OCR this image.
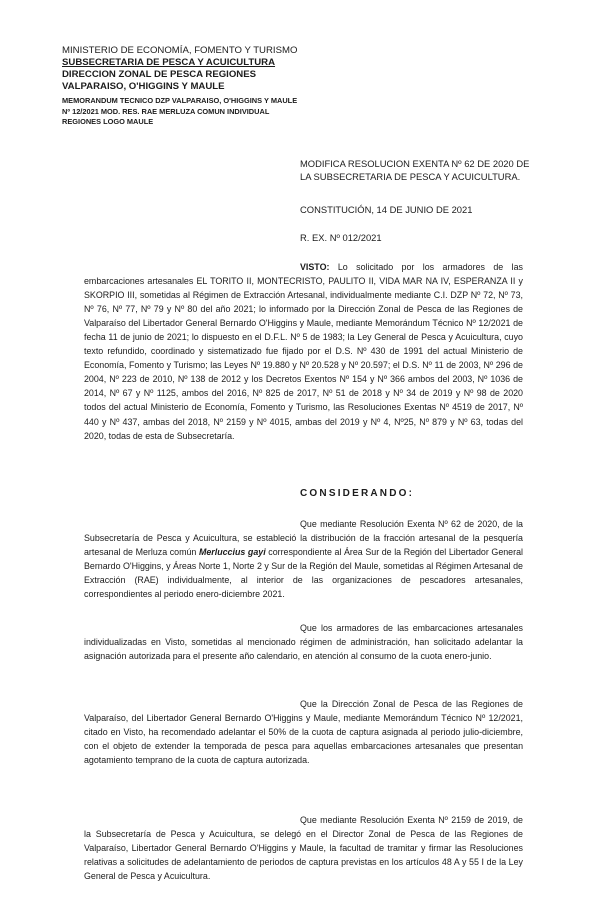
MINISTERIO DE ECONOMÍA, FOMENTO Y TURISMO
SUBSECRETARIA DE PESCA Y ACUICULTURA
DIRECCION ZONAL DE PESCA REGIONES
VALPARAISO, O'HIGGINS Y MAULE
MEMORANDUM TECNICO DZP VALPARAISO, O'HIGGINS Y MAULE
Nº 12/2021 MOD. RES. RAE MERLUZA COMUN INDIVIDUAL
REGIONES LOGO MAULE
MODIFICA RESOLUCION EXENTA Nº 62 DE 2020 DE
LA SUBSECRETARIA DE PESCA Y ACUICULTURA.
CONSTITUCIÓN, 14 DE JUNIO DE 2021
R. EX. Nº 012/2021
VISTO: Lo solicitado por los armadores de las embarcaciones artesanales EL TORITO II, MONTECRISTO, PAULITO II, VIDA MAR NA IV, ESPERANZA II y SKORPIO III, sometidas al Régimen de Extracción Artesanal, individualmente mediante C.I. DZP Nº 72, Nº 73, Nº 76, Nº 77, Nº 79 y Nº 80 del año 2021; lo informado por la Dirección Zonal de Pesca de las Regiones de Valparaíso del Libertador General Bernardo O'Higgins y Maule, mediante Memorándum Técnico Nº 12/2021 de fecha 11 de junio de 2021; lo dispuesto en el D.F.L. Nº 5 de 1983; la Ley General de Pesca y Acuicultura, cuyo texto refundido, coordinado y sistematizado fue fijado por el D.S. Nº 430 de 1991 del actual Ministerio de Economía, Fomento y Turismo; las Leyes Nº 19.880 y Nº 20.528 y Nº 20.597; el D.S. Nº 11 de 2003, Nº 296 de 2004, Nº 223 de 2010, Nº 138 de 2012 y los Decretos Exentos Nº 154 y Nº 366 ambos del 2003, Nº 1036 de 2014, Nº 67 y Nº 1125, ambos del 2016, Nº 825 de 2017, Nº 51 de 2018 y Nº 34 de 2019 y Nº 98 de 2020 todos del actual Ministerio de Economía, Fomento y Turismo, las Resoluciones Exentas Nº 4519 de 2017, Nº 440 y Nº 437, ambas del 2018, Nº 2159 y Nº 4015, ambas del 2019 y Nº 4, Nº25, Nº 879 y Nº 63, todas del 2020, todas de esta de Subsecretaría.
CONSIDERANDO:
Que mediante Resolución Exenta Nº 62 de 2020, de la Subsecretaría de Pesca y Acuicultura, se estableció la distribución de la fracción artesanal de la pesquería artesanal de Merluza común Merluccius gayi correspondiente al Área Sur de la Región del Libertador General Bernardo O'Higgins, y Áreas Norte 1, Norte 2 y Sur de la Región del Maule, sometidas al Régimen Artesanal de Extracción (RAE) individualmente, al interior de las organizaciones de pescadores artesanales, correspondientes al periodo enero-diciembre 2021.
Que los armadores de las embarcaciones artesanales individualizadas en Visto, sometidas al mencionado régimen de administración, han solicitado adelantar la asignación autorizada para el presente año calendario, en atención al consumo de la cuota enero-junio.
Que la Dirección Zonal de Pesca de las Regiones de Valparaíso, del Libertador General Bernardo O'Higgins y Maule, mediante Memorándum Técnico Nº 12/2021, citado en Visto, ha recomendado adelantar el 50% de la cuota de captura asignada al periodo julio-diciembre, con el objeto de extender la temporada de pesca para aquellas embarcaciones artesanales que presentan agotamiento temprano de la cuota de captura autorizada.
Que mediante Resolución Exenta Nº 2159 de 2019, de la Subsecretaría de Pesca y Acuicultura, se delegó en el Director Zonal de Pesca de las Regiones de Valparaíso, Libertador General Bernardo O'Higgins y Maule, la facultad de tramitar y firmar las Resoluciones relativas a solicitudes de adelantamiento de periodos de captura previstas en los artículos 48 A y 55 I de la Ley General de Pesca y Acuicultura.
